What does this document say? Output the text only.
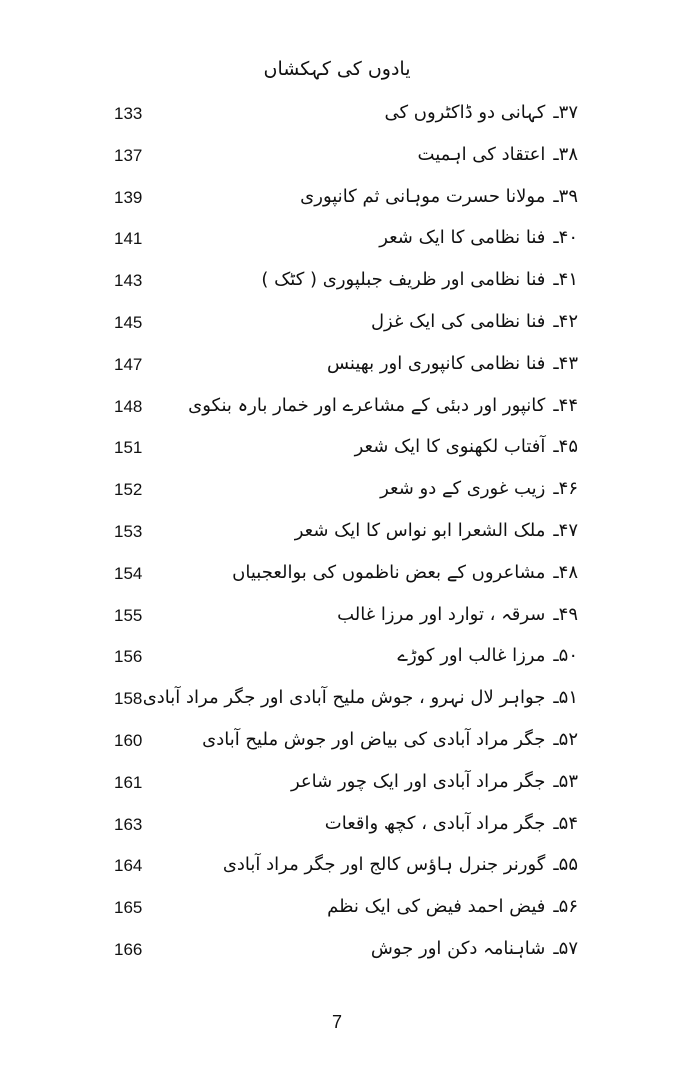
یادوں کی کہکشاں
133	۳۷ـکہانی دو ڈاکٹروں کی
137	۳۸ـاعتقاد کی اہمیت
139	۳۹ـمولانا حسرت موہانی ثم کانپوری
141	۴۰ـفنا نظامی کا ایک شعر
143	۴۱ـفنا نظامی اور ظریف جبلپوری ( کٹک )
145	۴۲ـفنا نظامی کی ایک غزل
147	۴۳ـفنا نظامی کانپوری اور بھینس
148	۴۴ـکانپور اور دبئی کے مشاعرے اور خمار بارہ بنکوی
151	۴۵ـآفتاب لکھنوی کا ایک شعر
152	۴۶ـزیب غوری کے دو شعر
153	۴۷ـملک الشعرا ابو نواس کا ایک شعر
154	۴۸ـمشاعروں کے بعض ناظموں کی بوالعجبیاں
155	۴۹ـسرقہ ، توارد اور مرزا غالب
156	۵۰ـمرزا غالب اور کوڑے
158	۵۱ـجواہر لال نہرو ، جوش ملیح آبادی اور جگر مراد آبادی
160	۵۲ـجگر مراد آبادی کی بیاض اور جوش ملیح آبادی
161	۵۳ـجگر مراد آبادی اور ایک چور شاعر
163	۵۴ـجگر مراد آبادی ، کچھ واقعات
164	۵۵ـگورنر جنرل ہاؤس کالج اور جگر مراد آبادی
165	۵۶ـفیض احمد فیض کی ایک نظم
166	۵۷ـشاہنامہ دکن اور جوش
7
